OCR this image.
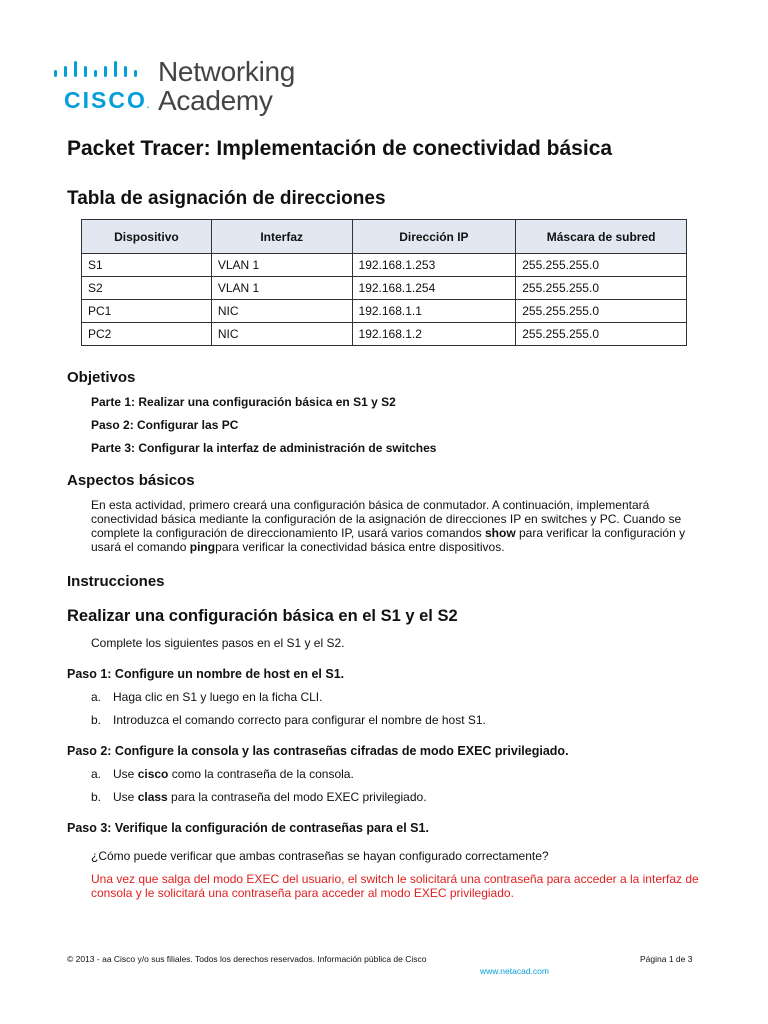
CISCO.
Networking
Academy
Packet Tracer: Implementación de conectividad básica
Tabla de asignación de direcciones
Dispositivo	Interfaz	Dirección IP	Máscara de subred
S1	VLAN 1	192.168.1.253	255.255.255.0
S2	VLAN 1	192.168.1.254	255.255.255.0
PC1	NIC	192.168.1.1	255.255.255.0
PC2	NIC	192.168.1.2	255.255.255.0
Objetivos
Parte 1: Realizar una configuración básica en S1 y S2
Paso 2: Configurar las PC
Parte 3: Configurar la interfaz de administración de switches
Aspectos básicos
En esta actividad, primero creará una configuración básica de conmutador. A continuación, implementará conectividad básica mediante la configuración de la asignación de direcciones IP en switches y PC. Cuando se complete la configuración de direccionamiento IP, usará varios comandos show para verificar la configuración y usará el comando pingpara verificar la conectividad básica entre dispositivos.
Instrucciones
Realizar una configuración básica en el S1 y el S2
Complete los siguientes pasos en el S1 y el S2.
Paso 1: Configure un nombre de host en el S1.
a. Haga clic en S1 y luego en la ficha CLI.
b. Introduzca el comando correcto para configurar el nombre de host S1.
Paso 2: Configure la consola y las contraseñas cifradas de modo EXEC privilegiado.
a. Use cisco como la contraseña de la consola.
b. Use class para la contraseña del modo EXEC privilegiado.
Paso 3: Verifique la configuración de contraseñas para el S1.
¿Cómo puede verificar que ambas contraseñas se hayan configurado correctamente?
Una vez que salga del modo EXEC del usuario, el switch le solicitará una contraseña para acceder a la interfaz de consola y le solicitará una contraseña para acceder al modo EXEC privilegiado.
© 2013 - aa Cisco y/o sus filiales. Todos los derechos reservados. Información pública de Cisco	Página 1 de 3
www.netacad.com
